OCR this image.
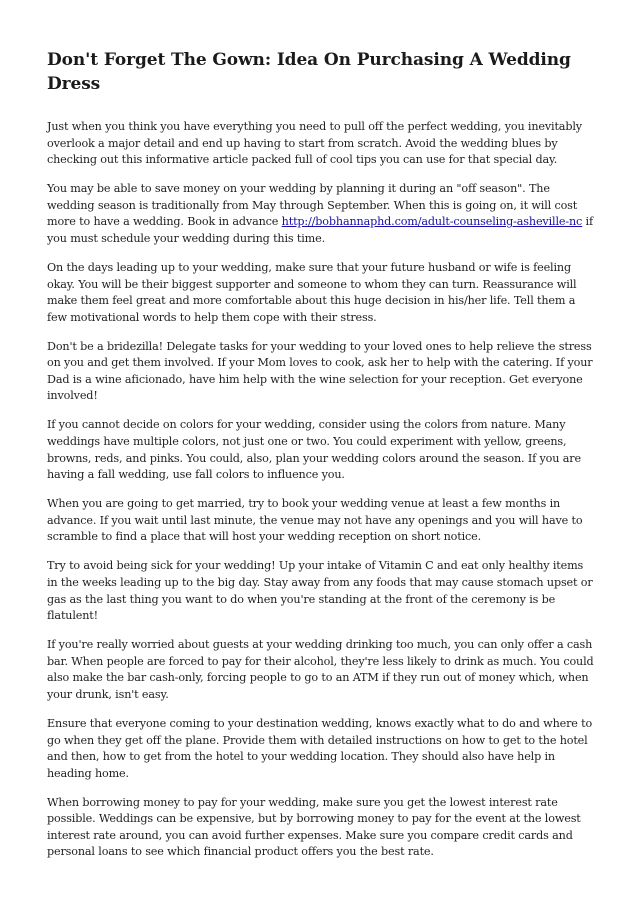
Don't Forget The Gown: Idea On Purchasing A Wedding Dress

Just when you think you have everything you need to pull off the perfect wedding, you inevitably overlook a major detail and end up having to start from scratch. Avoid the wedding blues by checking out this informative article packed full of cool tips you can use for that special day.

You may be able to save money on your wedding by planning it during an "off season". The wedding season is traditionally from May through September. When this is going on, it will cost more to have a wedding. Book in advance http://bobhannaphd.com/adult-counseling-asheville-nc if you must schedule your wedding during this time.

On the days leading up to your wedding, make sure that your future husband or wife is feeling okay. You will be their biggest supporter and someone to whom they can turn. Reassurance will make them feel great and more comfortable about this huge decision in his/her life. Tell them a few motivational words to help them cope with their stress.

Don't be a bridezilla! Delegate tasks for your wedding to your loved ones to help relieve the stress on you and get them involved. If your Mom loves to cook, ask her to help with the catering. If your Dad is a wine aficionado, have him help with the wine selection for your reception. Get everyone involved!

If you cannot decide on colors for your wedding, consider using the colors from nature. Many weddings have multiple colors, not just one or two. You could experiment with yellow, greens, browns, reds, and pinks. You could, also, plan your wedding colors around the season. If you are having a fall wedding, use fall colors to influence you.

When you are going to get married, try to book your wedding venue at least a few months in advance. If you wait until last minute, the venue may not have any openings and you will have to scramble to find a place that will host your wedding reception on short notice.

Try to avoid being sick for your wedding! Up your intake of Vitamin C and eat only healthy items in the weeks leading up to the big day. Stay away from any foods that may cause stomach upset or gas as the last thing you want to do when you're standing at the front of the ceremony is be flatulent!

If you're really worried about guests at your wedding drinking too much, you can only offer a cash bar. When people are forced to pay for their alcohol, they're less likely to drink as much. You could also make the bar cash-only, forcing people to go to an ATM if they run out of money which, when your drunk, isn't easy.

Ensure that everyone coming to your destination wedding, knows exactly what to do and where to go when they get off the plane. Provide them with detailed instructions on how to get to the hotel and then, how to get from the hotel to your wedding location. They should also have help in heading home.

When borrowing money to pay for your wedding, make sure you get the lowest interest rate possible. Weddings can be expensive, but by borrowing money to pay for the event at the lowest interest rate around, you can avoid further expenses. Make sure you compare credit cards and personal loans to see which financial product offers you the best rate.
